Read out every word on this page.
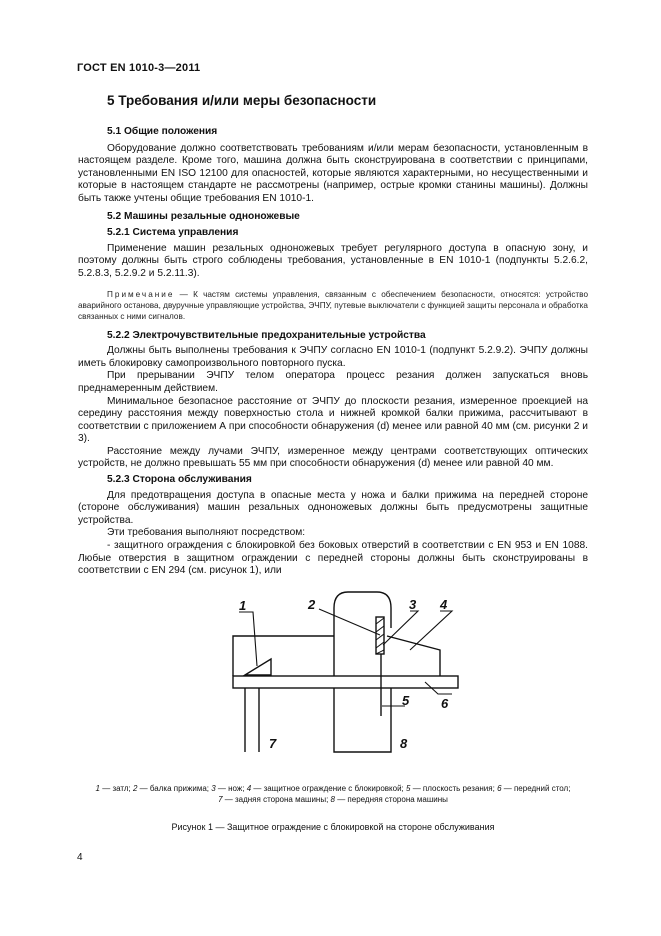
ГОСТ EN 1010-3—2011
5 Требования и/или меры безопасности

5.1 Общие положения

Оборудование должно соответствовать требованиям и/или мерам безопасности, установленным в настоящем разделе. Кроме того, машина должна быть сконструирована в соответствии с принципами, установленными EN ISO 12100 для опасностей, которые являются характерными, но несущественными и которые в настоящем стандарте не рассмотрены (например, острые кромки станины машины). Должны быть также учтены общие требования EN 1010-1.

5.2 Машины резальные одноножевые

5.2.1 Система управления

Применение машин резальных одноножевых требует регулярного доступа в опасную зону, и поэтому должны быть строго соблюдены требования, установленные в EN 1010-1 (подпункты 5.2.6.2, 5.2.8.3, 5.2.9.2 и 5.2.11.3).

Примечание — К частям системы управления, связанным с обеспечением безопасности, относятся: устройство аварийного останова, двуручные управляющие устройства, ЭЧПУ, путевые выключатели с функцией защиты персонала и обработка связанных с ними сигналов.

5.2.2 Электрочувствительные предохранительные устройства

Должны быть выполнены требования к ЭЧПУ согласно EN 1010-1 (подпункт 5.2.9.2). ЭЧПУ должны иметь блокировку самопроизвольного повторного пуска.

При прерывании ЭЧПУ телом оператора процесс резания должен запускаться вновь преднамеренным действием.

Минимальное безопасное расстояние от ЭЧПУ до плоскости резания, измеренное проекцией на середину расстояния между поверхностью стола и нижней кромкой балки прижима, рассчитывают в соответствии с приложением А при способности обнаружения (d) менее или равной 40 мм (см. рисунки 2 и 3).

Расстояние между лучами ЭЧПУ, измеренное между центрами соответствующих оптических устройств, не должно превышать 55 мм при способности обнаружения (d) менее или равной 40 мм.

5.2.3 Сторона обслуживания

Для предотвращения доступа в опасные места у ножа и балки прижима на передней стороне (стороне обслуживания) машин резальных одноножевых должны быть предусмотрены защитные устройства.

Эти требования выполняют посредством:

- защитного ограждения с блокировкой без боковых отверстий в соответствии с EN 953 и EN 1088. Любые отверстия в защитном ограждении с передней стороны должны быть сконструированы в соответствии с EN 294 (см. рисунок 1), или

1	2	3 4
5 6
7	8
1 — затл; 2 — балка прижима; 3 — нож; 4 — защитное ограждение с блокировкой; 5 — плоскость резания; 6 — передний стол;
7 — задняя сторона машины; 8 — передняя сторона машины
Рисунок 1 — Защитное ограждение с блокировкой на стороне обслуживания
4
